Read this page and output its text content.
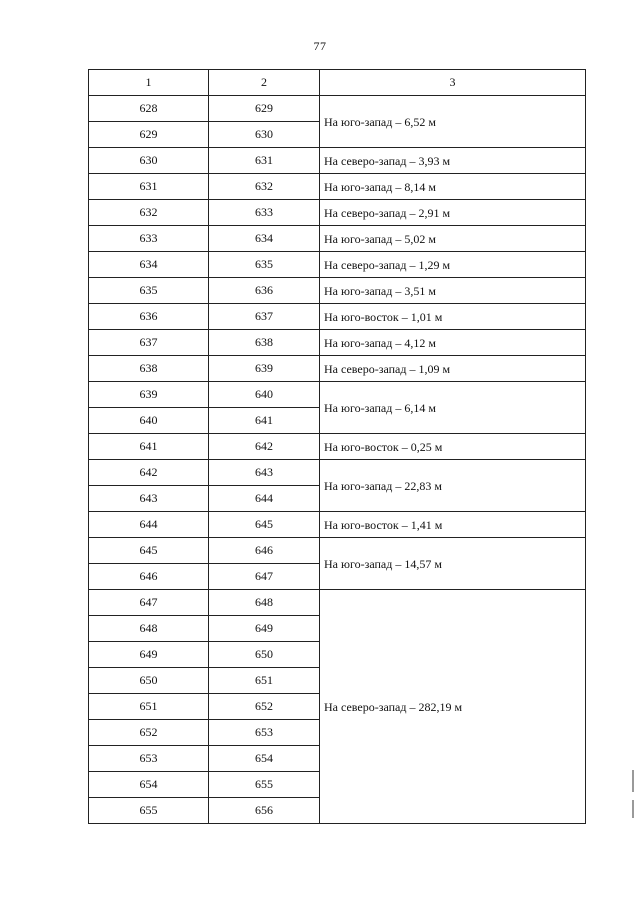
77
1	2	3
628	629	На юго-запад – 6,52 м
629	630	
630	631	На северо-запад – 3,93 м
631	632	На юго-запад – 8,14 м
632	633	На северо-запад – 2,91 м
633	634	На юго-запад – 5,02 м
634	635	На северо-запад – 1,29 м
635	636	На юго-запад – 3,51 м
636	637	На юго-восток – 1,01 м
637	638	На юго-запад – 4,12 м
638	639	На северо-запад – 1,09 м
639	640	На юго-запад – 6,14 м
640	641	
641	642	На юго-восток – 0,25 м
642	643	На юго-запад – 22,83 м
643	644	
644	645	На юго-восток – 1,41 м
645	646	На юго-запад – 14,57 м
646	647	
647	648	На северо-запад – 282,19 м
648	649	
649	650	
650	651	
651	652	
652	653	
653	654	
654	655	
655	656	
